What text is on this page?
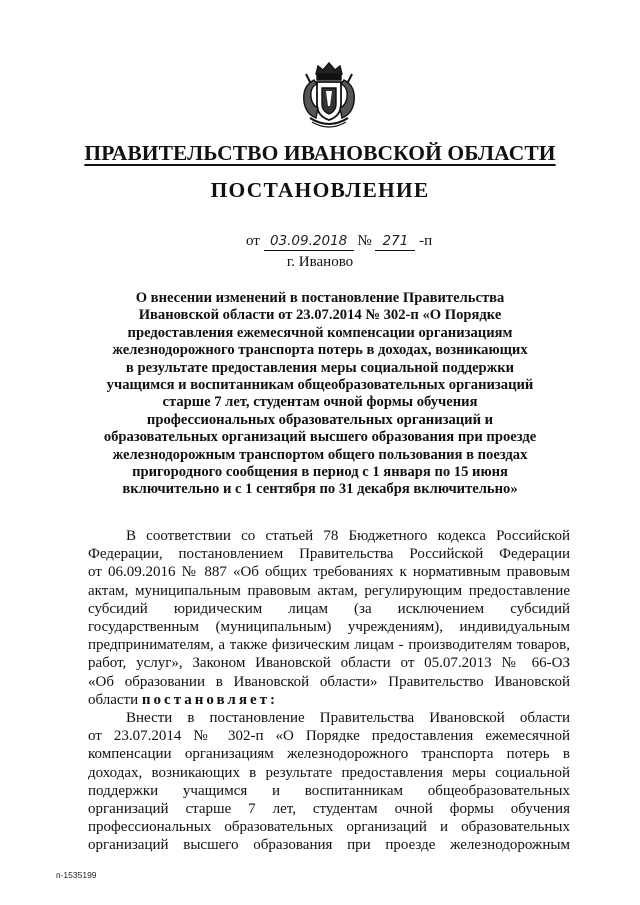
ПРАВИТЕЛЬСТВО ИВАНОВСКОЙ ОБЛАСТИ
ПОСТАНОВЛЕНИЕ
от 03.09.2018 № 271 -п
г. Иваново
О внесении изменений в постановление Правительства
Ивановской области от 23.07.2014 № 302-п «О Порядке
предоставления ежемесячной компенсации организациям
железнодорожного транспорта потерь в доходах, возникающих
в результате предоставления меры социальной поддержки
учащимся и воспитанникам общеобразовательных организаций
старше 7 лет, студентам очной формы обучения
профессиональных образовательных организаций и
образовательных организаций высшего образования при проезде
железнодорожным транспортом общего пользования в поездах
пригородного сообщения в период с 1 января по 15 июня
включительно и с 1 сентября по 31 декабря включительно»
В соответствии со статьей 78 Бюджетного кодекса Российской
Федерации, постановлением Правительства Российской Федерации
от 06.09.2016 № 887 «Об общих требованиях к нормативным правовым
актам, муниципальным правовым актам, регулирующим предоставление
субсидий юридическим лицам (за исключением субсидий
государственным (муниципальным) учреждениям), индивидуальным
предпринимателям, а также физическим лицам - производителям товаров,
работ, услуг», Законом Ивановской области от 05.07.2013 № 66-ОЗ
«Об образовании в Ивановской области» Правительство Ивановской
области постановляет:
Внести в постановление Правительства Ивановской области
от 23.07.2014 № 302-п «О Порядке предоставления ежемесячной
компенсации организациям железнодорожного транспорта потерь в
доходах, возникающих в результате предоставления меры социальной
поддержки учащимся и воспитанникам общеобразовательных
организаций старше 7 лет, студентам очной формы обучения
профессиональных образовательных организаций и образовательных
организаций высшего образования при проезде железнодорожным
п-1535199
